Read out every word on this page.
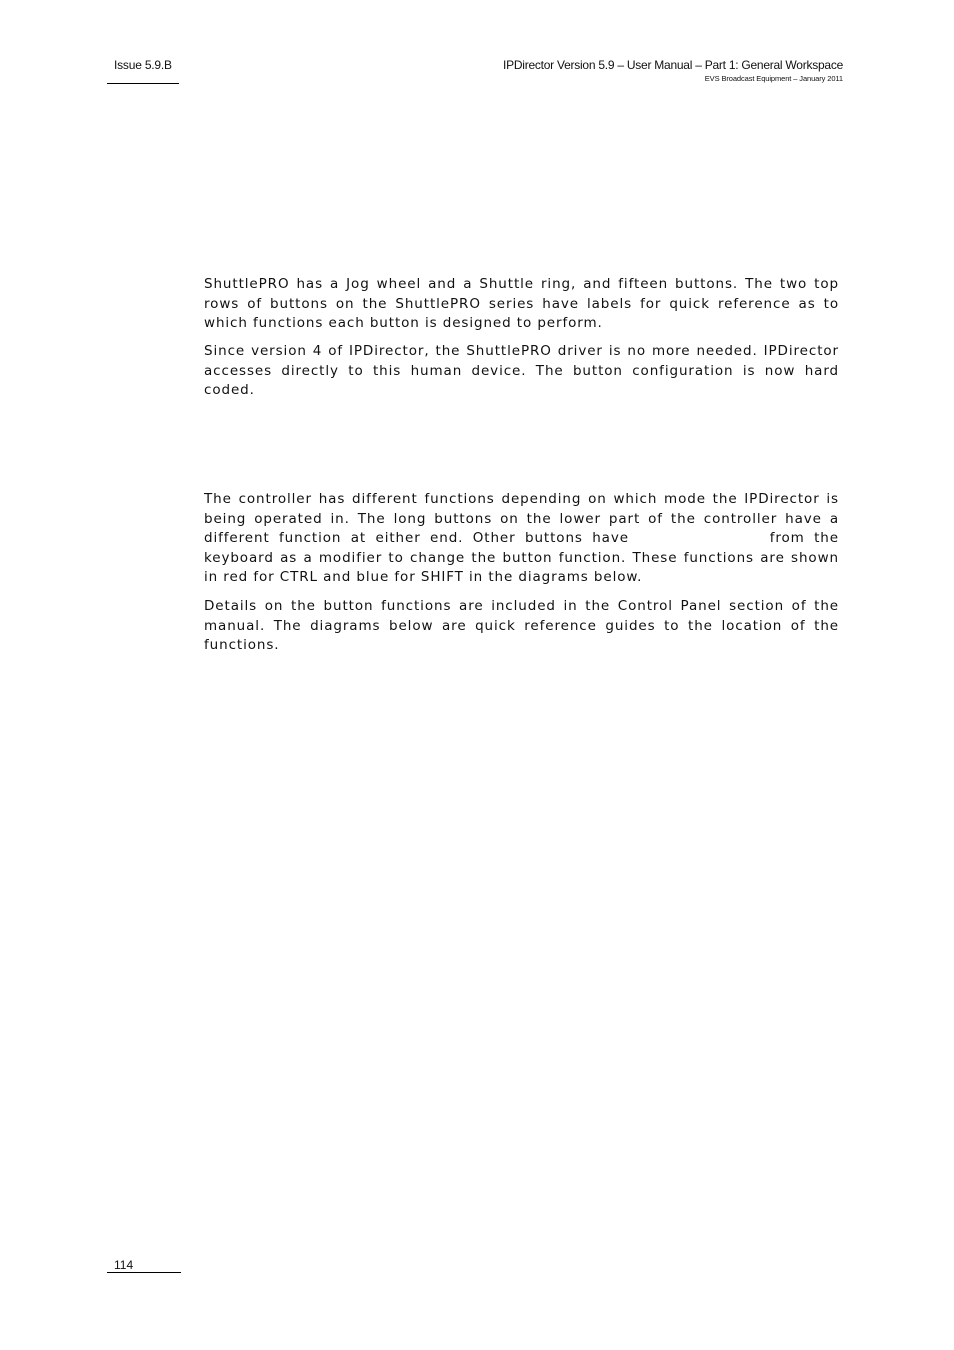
Issue 5.9.B	IPDirector Version 5.9 – User Manual – Part 1: General Workspace
EVS Broadcast Equipment – January 2011

ShuttlePRO has a Jog wheel and a Shuttle ring, and fifteen buttons. The two top rows of buttons on the ShuttlePRO series have labels for quick reference as to which functions each button is designed to perform.

Since version 4 of IPDirector, the ShuttlePRO driver is no more needed. IPDirector accesses directly to this human device. The button configuration is now hard coded.

The controller has different functions depending on which mode the IPDirector is being operated in. The long buttons on the lower part of the controller have a different function at either end. Other buttons have	from the keyboard as a modifier to change the button function. These functions are shown in red for CTRL and blue for SHIFT in the diagrams below.

Details on the button functions are included in the Control Panel section of the manual. The diagrams below are quick reference guides to the location of the functions.

114
